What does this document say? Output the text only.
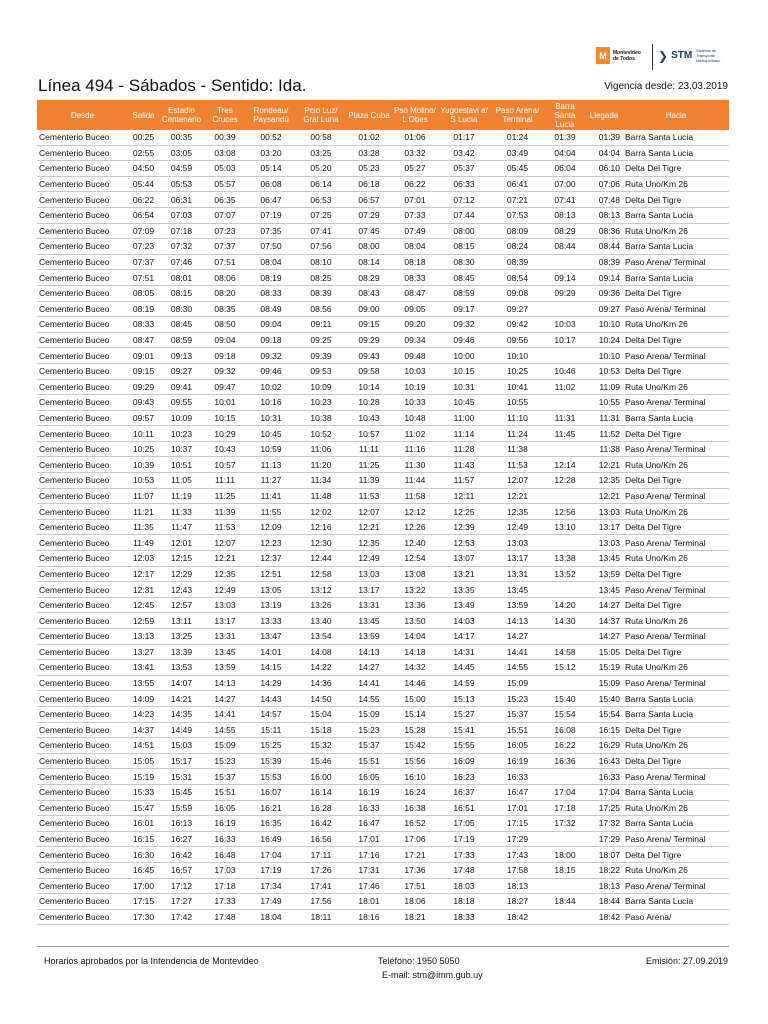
M	Montevideo de Todos	❯ STM Sistema de Transporte Metropolitano
Línea 494 - Sábados - Sentido: Ida.	Vigencia desde: 23.03.2019
Desde	Salida	Estadio Centenario	Tres Cruces	Rondeau/ Paysandú	Pcio Luz/ Gral Luna	Plaza Cuba	Pso Molino/ L Obes	Yugoeslavi a/ S Lucía	Paso Arena/ Terminal	Barra Santa Lucia	Llegada	Hacia
Cementerio Buceo	00:25	00:35	00:39	00:52	00:58	01:02	01:06	01:17	01:24	01:39	01:39	Barra Santa Lucia
Cementerio Buceo	02:55	03:05	03:08	03:20	03:25	03:28	03:32	03:42	03:49	04:04	04:04	Barra Santa Lucia
Cementerio Buceo	04:50	04:59	05:03	05:14	05:20	05:23	05:27	05:37	05:45	06:04	06:10	Delta Del Tigre
Cementerio Buceo	05:44	05:53	05:57	06:08	06:14	06:18	06:22	06:33	06:41	07:00	07:06	Ruta Uno/Km 26
Cementerio Buceo	06:22	06:31	06:35	06:47	06:53	06:57	07:01	07:12	07:21	07:41	07:48	Delta Del Tigre
Cementerio Buceo	06:54	07:03	07:07	07:19	07:25	07:29	07:33	07:44	07:53	08:13	08:13	Barra Santa Lucia
Cementerio Buceo	07:09	07:18	07:23	07:35	07:41	07:45	07:49	08:00	08:09	08:29	08:36	Ruta Uno/Km 26
Cementerio Buceo	07:23	07:32	07:37	07:50	07:56	08:00	08:04	08:15	08:24	08:44	08:44	Barra Santa Lucia
Cementerio Buceo	07:37	07:46	07:51	08:04	08:10	08:14	08:18	08:30	08:39		08:39	Paso Arena/ Terminal
Cementerio Buceo	07:51	08:01	08:06	08:19	08:25	08:29	08:33	08:45	08:54	09:14	09:14	Barra Santa Lucia
Cementerio Buceo	08:05	08:15	08:20	08:33	08:39	08:43	08:47	08:59	09:08	09:29	09:36	Delta Del Tigre
Cementerio Buceo	08:19	08:30	08:35	08:49	08:56	09:00	09:05	09:17	09:27		09:27	Paso Arena/ Terminal
Cementerio Buceo	08:33	08:45	08:50	09:04	09:11	09:15	09:20	09:32	09:42	10:03	10:10	Ruta Uno/Km 26
Cementerio Buceo	08:47	08:59	09:04	09:18	09:25	09:29	09:34	09:46	09:56	10:17	10:24	Delta Del Tigre
Cementerio Buceo	09:01	09:13	09:18	09:32	09:39	09:43	09:48	10:00	10:10		10:10	Paso Arena/ Terminal
Cementerio Buceo	09:15	09:27	09:32	09:46	09:53	09:58	10:03	10:15	10:25	10:46	10:53	Delta Del Tigre
Cementerio Buceo	09:29	09:41	09:47	10:02	10:09	10:14	10:19	10:31	10:41	11:02	11:09	Ruta Uno/Km 26
Cementerio Buceo	09:43	09:55	10:01	10:16	10:23	10:28	10:33	10:45	10:55		10:55	Paso Arena/ Terminal
Cementerio Buceo	09:57	10:09	10:15	10:31	10:38	10:43	10:48	11:00	11:10	11:31	11:31	Barra Santa Lucia
Cementerio Buceo	10:11	10:23	10:29	10:45	10:52	10:57	11:02	11:14	11:24	11:45	11:52	Delta Del Tigre
Cementerio Buceo	10:25	10:37	10:43	10:59	11:06	11:11	11:16	11:28	11:38		11:38	Paso Arena/ Terminal
Cementerio Buceo	10:39	10:51	10:57	11:13	11:20	11:25	11:30	11:43	11:53	12:14	12:21	Ruta Uno/Km 26
Cementerio Buceo	10:53	11:05	11:11	11:27	11:34	11:39	11:44	11:57	12:07	12:28	12:35	Delta Del Tigre
Cementerio Buceo	11:07	11:19	11:25	11:41	11:48	11:53	11:58	12:11	12:21		12:21	Paso Arena/ Terminal
Cementerio Buceo	11:21	11:33	11:39	11:55	12:02	12:07	12:12	12:25	12:35	12:56	13:03	Ruta Uno/Km 26
Cementerio Buceo	11:35	11:47	11:53	12:09	12:16	12:21	12:26	12:39	12:49	13:10	13:17	Delta Del Tigre
Cementerio Buceo	11:49	12:01	12:07	12:23	12:30	12:35	12:40	12:53	13:03		13:03	Paso Arena/ Terminal
Cementerio Buceo	12:03	12:15	12:21	12:37	12:44	12:49	12:54	13:07	13:17	13:38	13:45	Ruta Uno/Km 26
Cementerio Buceo	12:17	12:29	12:35	12:51	12:58	13:03	13:08	13:21	13:31	13:52	13:59	Delta Del Tigre
Cementerio Buceo	12:31	12:43	12:49	13:05	13:12	13:17	13:22	13:35	13:45		13:45	Paso Arena/ Terminal
Cementerio Buceo	12:45	12:57	13:03	13:19	13:26	13:31	13:36	13:49	13:59	14:20	14:27	Delta Del Tigre
Cementerio Buceo	12:59	13:11	13:17	13:33	13:40	13:45	13:50	14:03	14:13	14:30	14:37	Ruta Uno/Km 26
Cementerio Buceo	13:13	13:25	13:31	13:47	13:54	13:59	14:04	14:17	14:27		14:27	Paso Arena/ Terminal
Cementerio Buceo	13:27	13:39	13:45	14:01	14:08	14:13	14:18	14:31	14:41	14:58	15:05	Delta Del Tigre
Cementerio Buceo	13:41	13:53	13:59	14:15	14:22	14:27	14:32	14:45	14:55	15:12	15:19	Ruta Uno/Km 26
Cementerio Buceo	13:55	14:07	14:13	14:29	14:36	14:41	14:46	14:59	15:09		15:09	Paso Arena/ Terminal
Cementerio Buceo	14:09	14:21	14:27	14:43	14:50	14:55	15:00	15:13	15:23	15:40	15:40	Barra Santa Lucia
Cementerio Buceo	14:23	14:35	14:41	14:57	15:04	15:09	15:14	15:27	15:37	15:54	15:54	Barra Santa Lucia
Cementerio Buceo	14:37	14:49	14:55	15:11	15:18	15:23	15:28	15:41	15:51	16:08	16:15	Delta Del Tigre
Cementerio Buceo	14:51	15:03	15:09	15:25	15:32	15:37	15:42	15:55	16:05	16:22	16:29	Ruta Uno/Km 26
Cementerio Buceo	15:05	15:17	15:23	15:39	15:46	15:51	15:56	16:09	16:19	16:36	16:43	Delta Del Tigre
Cementerio Buceo	15:19	15:31	15:37	15:53	16:00	16:05	16:10	16:23	16:33		16:33	Paso Arena/ Terminal
Cementerio Buceo	15:33	15:45	15:51	16:07	16:14	16:19	16:24	16:37	16:47	17:04	17:04	Barra Santa Lucia
Cementerio Buceo	15:47	15:59	16:05	16:21	16:28	16:33	16:38	16:51	17:01	17:18	17:25	Ruta Uno/Km 26
Cementerio Buceo	16:01	16:13	16:19	16:35	16:42	16:47	16:52	17:05	17:15	17:32	17:32	Barra Santa Lucia
Cementerio Buceo	16:15	16:27	16:33	16:49	16:56	17:01	17:06	17:19	17:29		17:29	Paso Arena/ Terminal
Cementerio Buceo	16:30	16:42	16:48	17:04	17:11	17:16	17:21	17:33	17:43	18:00	18:07	Delta Del Tigre
Cementerio Buceo	16:45	16:57	17:03	17:19	17:26	17:31	17:36	17:48	17:58	18:15	18:22	Ruta Uno/Km 26
Cementerio Buceo	17:00	17:12	17:18	17:34	17:41	17:46	17:51	18:03	18:13		18:13	Paso Arena/ Terminal
Cementerio Buceo	17:15	17:27	17:33	17:49	17:56	18:01	18:06	18:18	18:27	18:44	18:44	Barra Santa Lucia
Cementerio Buceo	17:30	17:42	17:48	18:04	18:11	18:16	18:21	18:33	18:42		18:42	Paso Arena/
Horarios aprobados por la Intendencia de Montevideo	Teléfono: 1950 5050
E-mail: stm@imm.gub.uy
Emisión: 27.09.2019
